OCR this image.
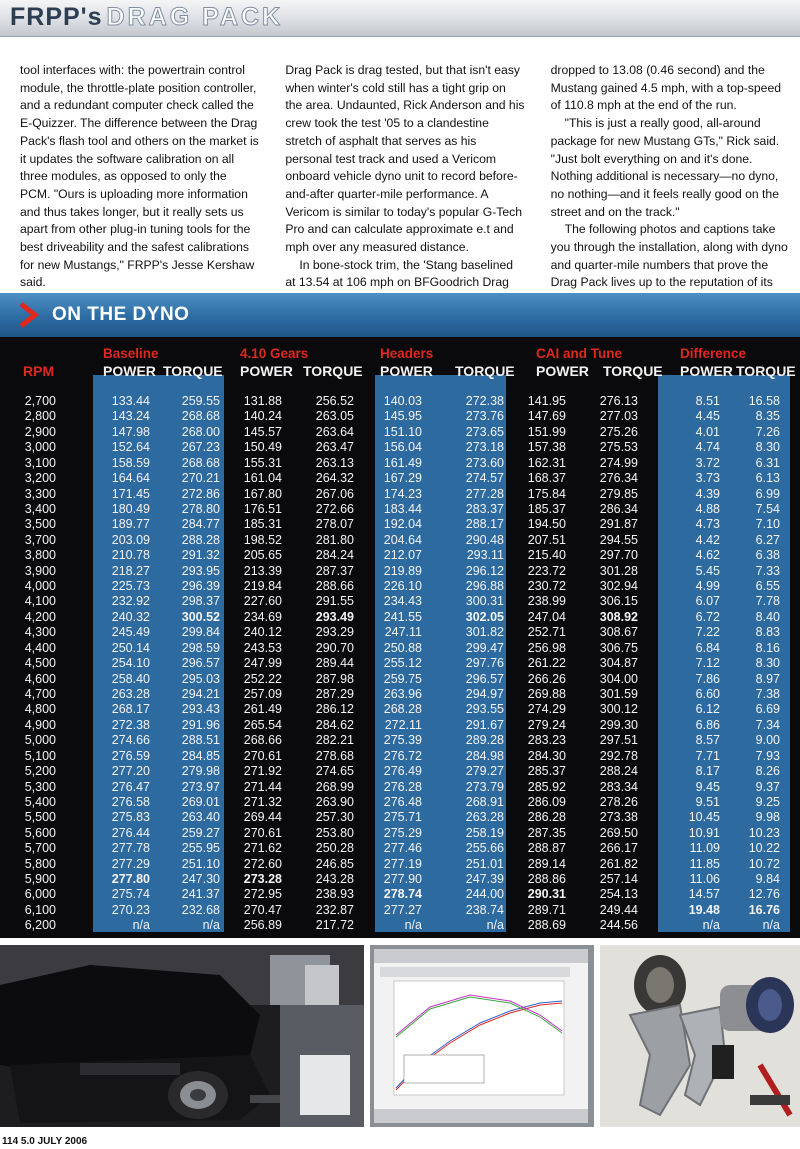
FRPP's DRAG PACK

tool interfaces with: the powertrain control module, the throttle-plate position controller, and a redundant computer check called the E-Quizzer. The difference between the Drag Pack's flash tool and others on the market is it updates the software calibration on all three modules, as opposed to only the PCM. "Ours is uploading more information and thus takes longer, but it really sets us apart from other plug-in tuning tools for the best driveability and the safest calibrations for new Mustangs," FRPP's Jesse Kershaw said.

Drag Pack is drag tested, but that isn't easy when winter's cold still has a tight grip on the area. Undaunted, Rick Anderson and his crew took the test '05 to a clandestine stretch of asphalt that serves as his personal test track and used a Vericom onboard vehicle dyno unit to record before-and-after quarter-mile performance. A Vericom is similar to today's popular G-Tech Pro and can calculate approximate e.t and mph over any measured distance.

In bone-stock trim, the 'Stang baselined at 13.54 at 106 mph on BFGoodrich Drag

dropped to 13.08 (0.46 second) and the Mustang gained 4.5 mph, with a top-speed of 110.8 mph at the end of the run.

"This is just a really good, all-around package for new Mustang GTs," Rick said. "Just bolt everything on and it's done. Nothing additional is necessary—no dyno, no nothing—and it feels really good on the street and on the track."

The following photos and captions take you through the installation, along with dyno and quarter-mile numbers that prove the Drag Pack lives up to the reputation of its

ON THE DYNO
RPM
Baseline	4.10 Gears	Headers	CAI and Tune	Difference
POWER TORQUE POWER TORQUE POWER TORQUE POWER TORQUE POWER TORQUE
2,700	133.44	259.55	131.88	256.52	140.03	272.38	141.95	276.13	8.51	16.58
2,800	143.24	268.68	140.24	263.05	145.95	273.76	147.69	277.03	4.45	8.35
2,900	147.98	268.00	145.57	263.64	151.10	273.65	151.99	275.26	4.01	7.26
3,000	152.64	267.23	150.49	263.47	156.04	273.18	157.38	275.53	4.74	8.30
3,100	158.59	268.68	155.31	263.13	161.49	273.60	162.31	274.99	3.72	6.31
3,200	164.64	270.21	161.04	264.32	167.29	274.57	168.37	276.34	3.73	6.13
3,300	171.45	272.86	167.80	267.06	174.23	277.28	175.84	279.85	4.39	6.99
3,400	180.49	278.80	176.51	272.66	183.44	283.37	185.37	286.34	4.88	7.54
3,500	189.77	284.77	185.31	278.07	192.04	288.17	194.50	291.87	4.73	7.10
3,700	203.09	288.28	198.52	281.80	204.64	290.48	207.51	294.55	4.42	6.27
3,800	210.78	291.32	205.65	284.24	212.07	293.11	215.40	297.70	4.62	6.38
3,900	218.27	293.95	213.39	287.37	219.89	296.12	223.72	301.28	5.45	7.33
4,000	225.73	296.39	219.84	288.66	226.10	296.88	230.72	302.94	4.99	6.55
4,100	232.92	298.37	227.60	291.55	234.43	300.31	238.99	306.15	6.07	7.78
4,200	240.32	300.52	234.69	293.49	241.55	302.05	247.04	308.92	6.72	8.40
4,300	245.49	299.84	240.12	293.29	247.11	301.82	252.71	308.67	7.22	8.83
4,400	250.14	298.59	243.53	290.70	250.88	299.47	256.98	306.75	6.84	8.16
4,500	254.10	296.57	247.99	289.44	255.12	297.76	261.22	304.87	7.12	8.30
4,600	258.40	295.03	252.22	287.98	259.75	296.57	266.26	304.00	7.86	8.97
4,700	263.28	294.21	257.09	287.29	263.96	294.97	269.88	301.59	6.60	7.38
4,800	268.17	293.43	261.49	286.12	268.28	293.55	274.29	300.12	6.12	6.69
4,900	272.38	291.96	265.54	284.62	272.11	291.67	279.24	299.30	6.86	7.34
5,000	274.66	288.51	268.66	282.21	275.39	289.28	283.23	297.51	8.57	9.00
5,100	276.59	284.85	270.61	278.68	276.72	284.98	284.30	292.78	7.71	7.93
5,200	277.20	279.98	271.92	274.65	276.49	279.27	285.37	288.24	8.17	8.26
5,300	276.47	273.97	271.44	268.99	276.28	273.79	285.92	283.34	9.45	9.37
5,400	276.58	269.01	271.32	263.90	276.48	268.91	286.09	278.26	9.51	9.25
5,500	275.83	263.40	269.44	257.30	275.71	263.28	286.28	273.38	10.45	9.98
5,600	276.44	259.27	270.61	253.80	275.29	258.19	287.35	269.50	10.91	10.23
5,700	277.78	255.95	271.62	250.28	277.46	255.66	288.87	266.17	11.09	10.22
5,800	277.29	251.10	272.60	246.85	277.19	251.01	289.14	261.82	11.85	10.72
5,900	277.80	247.30	273.28	243.28	277.90	247.39	288.86	257.14	11.06	9.84
6,000	275.74	241.37	272.95	238.93	278.74	244.00	290.31	254.13	14.57	12.76
6,100	270.23	232.68	270.47	232.87	277.27	238.74	289.71	249.44	19.48	16.76
6,200	n/a	n/a	256.89	217.72	n/a	n/a	288.69	244.56	n/a	n/a
114 5.0 JULY 2006
